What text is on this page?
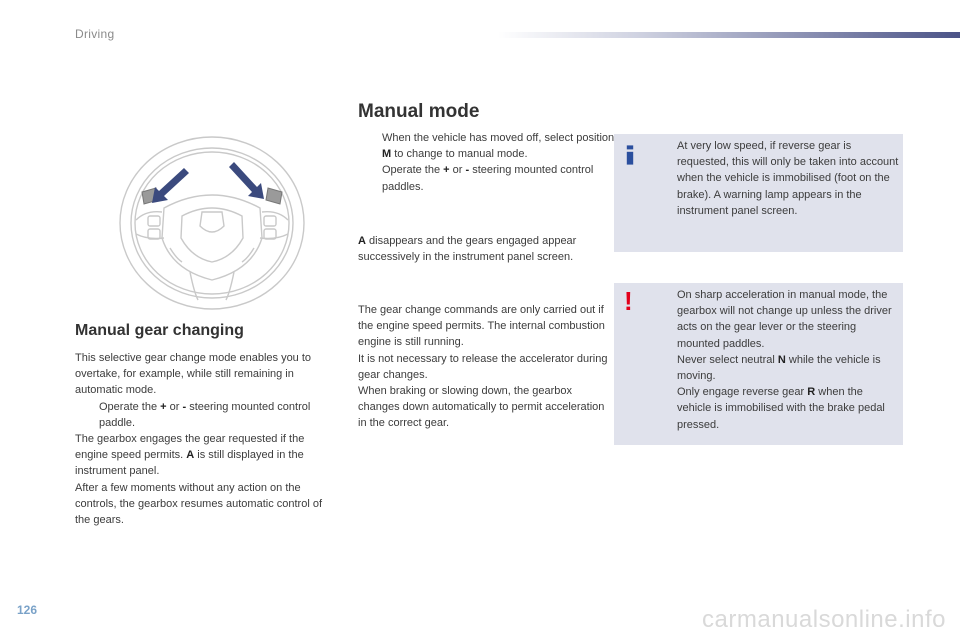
Driving
Manual gear changing

This selective gear change mode enables you to overtake, for example, while still remaining in automatic mode.

Operate the + or - steering mounted control paddle.

The gearbox engages the gear requested if the engine speed permits. A is still displayed in the instrument panel.

After a few moments without any action on the controls, the gearbox resumes automatic control of the gears.

Manual mode

When the vehicle has moved off, select position M to change to manual mode.

Operate the + or - steering mounted control paddles.

A disappears and the gears engaged appear successively in the instrument panel screen.

The gear change commands are only carried out if the engine speed permits. The internal combustion engine is still running.

It is not necessary to release the accelerator during gear changes.

When braking or slowing down, the gearbox changes down automatically to permit acceleration in the correct gear.

At very low speed, if reverse gear is requested, this will only be taken into account when the vehicle is immobilised (foot on the brake). A warning lamp appears in the instrument panel screen.
!	On sharp acceleration in manual mode, the gearbox will not change up unless the driver acts on the gear lever or the steering mounted paddles.
Never select neutral N while the vehicle is moving.
Only engage reverse gear R when the vehicle is immobilised with the brake pedal pressed.
126	carmanualsonline.info
